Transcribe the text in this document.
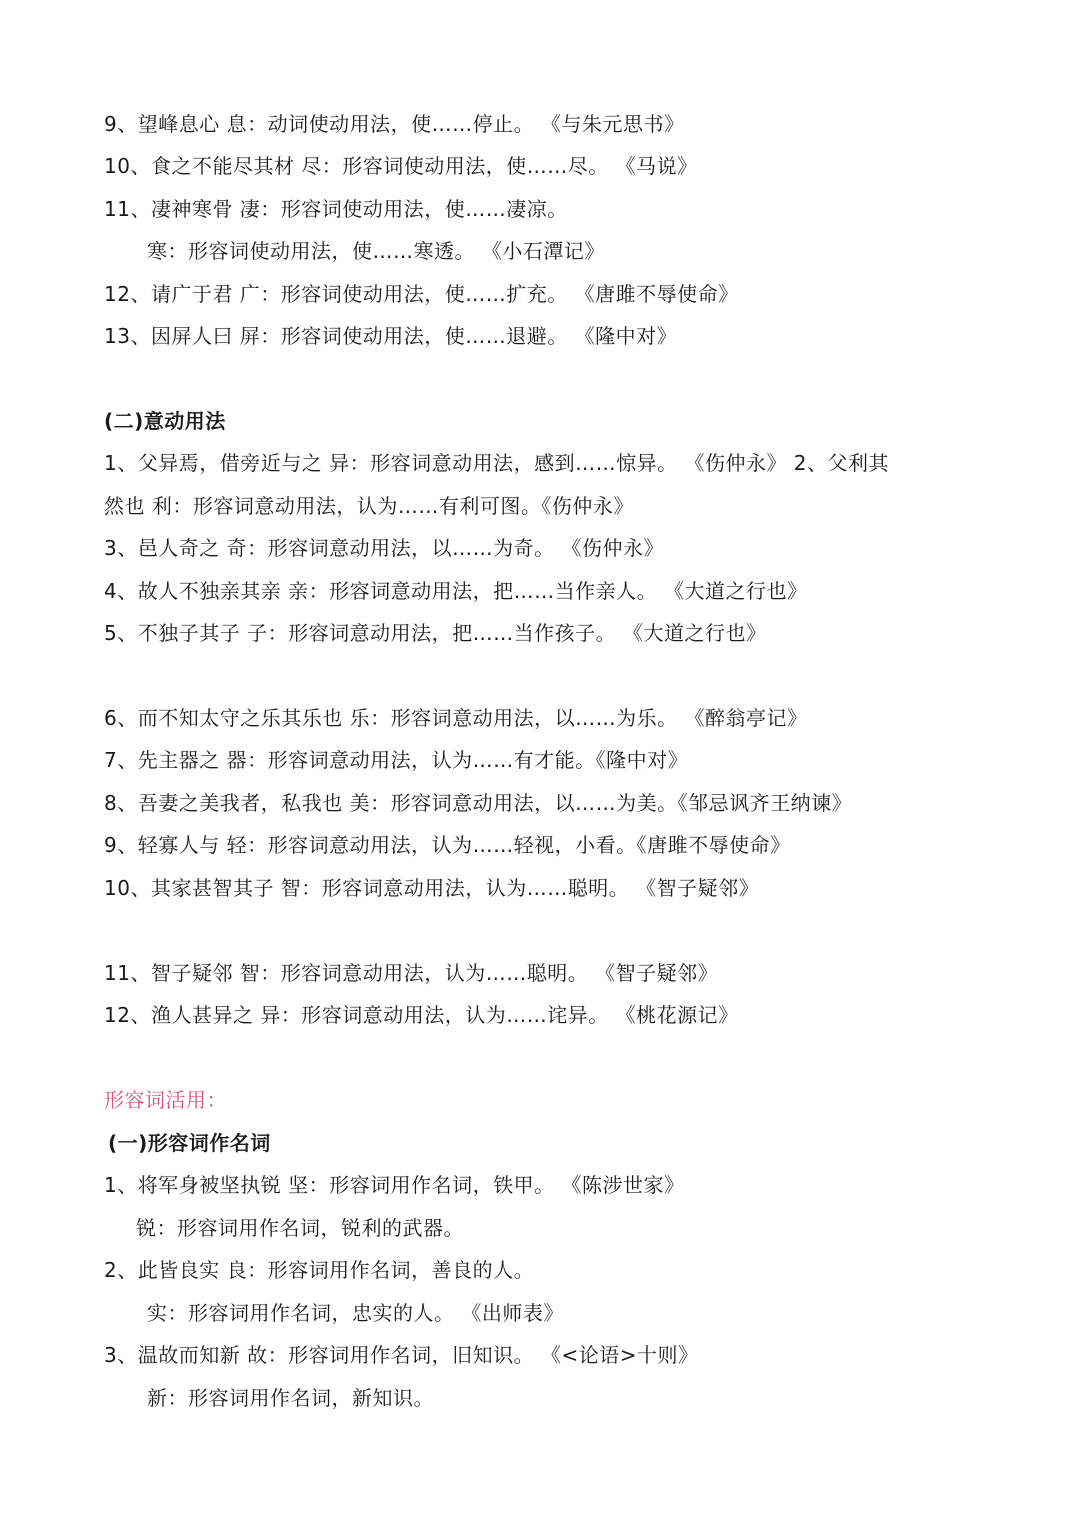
9、望峰息心 息：动词使动用法，使……停止。 《与朱元思书》
10、食之不能尽其材 尽：形容词使动用法，使……尽。 《马说》
11、凄神寒骨 凄：形容词使动用法，使……凄凉。
寒：形容词使动用法，使……寒透。 《小石潭记》
12、请广于君 广：形容词使动用法，使……扩充。 《唐雎不辱使命》
13、因屏人曰 屏：形容词使动用法，使……退避。 《隆中对》
(二)意动用法
1、父异焉，借旁近与之 异：形容词意动用法，感到……惊异。 《伤仲永》 2、父利其
然也 利：形容词意动用法，认为……有利可图。《伤仲永》
3、邑人奇之 奇：形容词意动用法，以……为奇。 《伤仲永》
4、故人不独亲其亲 亲：形容词意动用法，把……当作亲人。 《大道之行也》
5、不独子其子 子：形容词意动用法，把……当作孩子。 《大道之行也》
6、而不知太守之乐其乐也 乐：形容词意动用法，以……为乐。 《醉翁亭记》
7、先主器之 器：形容词意动用法，认为……有才能。《隆中对》
8、吾妻之美我者，私我也 美：形容词意动用法，以……为美。《邹忌讽齐王纳谏》
9、轻寡人与 轻：形容词意动用法，认为……轻视，小看。《唐雎不辱使命》
10、其家甚智其子 智：形容词意动用法，认为……聪明。 《智子疑邻》
11、智子疑邻 智：形容词意动用法，认为……聪明。 《智子疑邻》
12、渔人甚异之 异：形容词意动用法，认为……诧异。 《桃花源记》
形容词活用：
(一)形容词作名词
1、将军身被坚执锐 坚：形容词用作名词，铁甲。 《陈涉世家》
锐：形容词用作名词，锐利的武器。
2、此皆良实 良：形容词用作名词，善良的人。
实：形容词用作名词，忠实的人。 《出师表》
3、温故而知新 故：形容词用作名词，旧知识。 《<论语>十则》
新：形容词用作名词，新知识。
